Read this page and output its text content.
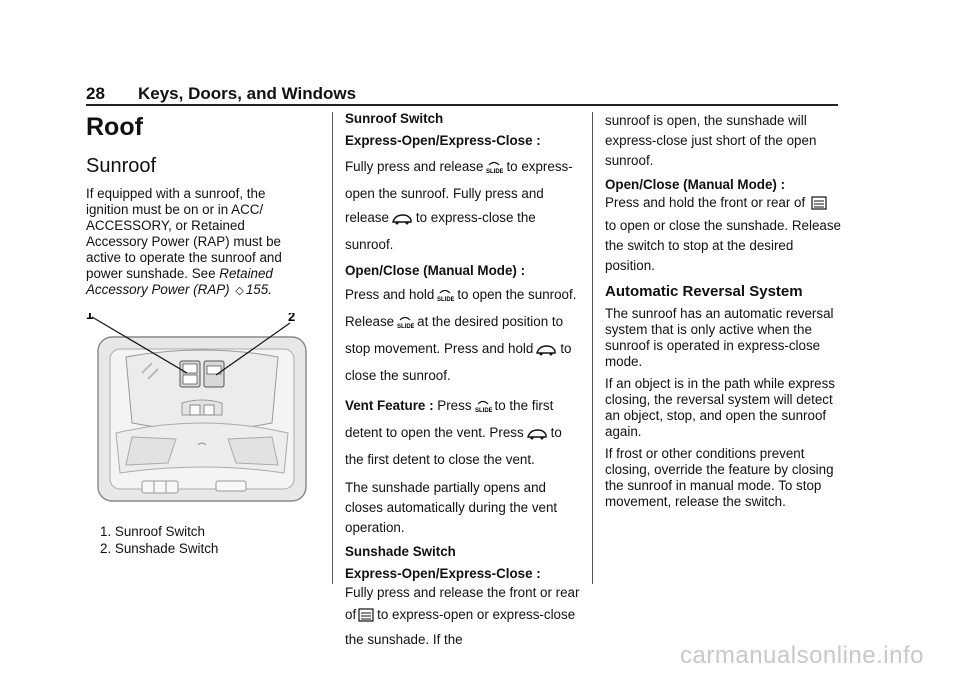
28 Keys, Doors, and Windows
Roof
Sunroof

If equipped with a sunroof, the ignition must be on or in ACC/ ACCESSORY, or Retained Accessory Power (RAP) must be active to operate the sunroof and power sunshade. See Retained Accessory Power (RAP) ◇ 155.

1	2
1. Sunroof Switch
2. Sunshade Switch

Sunroof Switch

Express-Open/Express-Close :

Fully press and release SLIDE to express-open the sunroof. Fully press and release to express-close the sunroof.

Open/Close (Manual Mode) :

Press and hold SLIDE to open the sunroof. Release SLIDE at the desired position to stop movement. Press and hold to close the sunroof.

Vent Feature : Press SLIDE to the first detent to open the vent. Press to the first detent to close the vent.

The sunshade partially opens and closes automatically during the vent operation.

Sunshade Switch

Express-Open/Express-Close :

Fully press and release the front or rear of to express-open or express-close the sunshade. If the

sunroof is open, the sunshade will express-close just short of the open sunroof.

Open/Close (Manual Mode) :

Press and hold the front or rear of to open or close the sunshade. Release the switch to stop at the desired position.

Automatic Reversal System

The sunroof has an automatic reversal system that is only active when the sunroof is operated in express-close mode.

If an object is in the path while express closing, the reversal system will detect an object, stop, and open the sunroof again.

If frost or other conditions prevent closing, override the feature by closing the sunroof in manual mode. To stop movement, release the switch.

carmanualsonline.info
